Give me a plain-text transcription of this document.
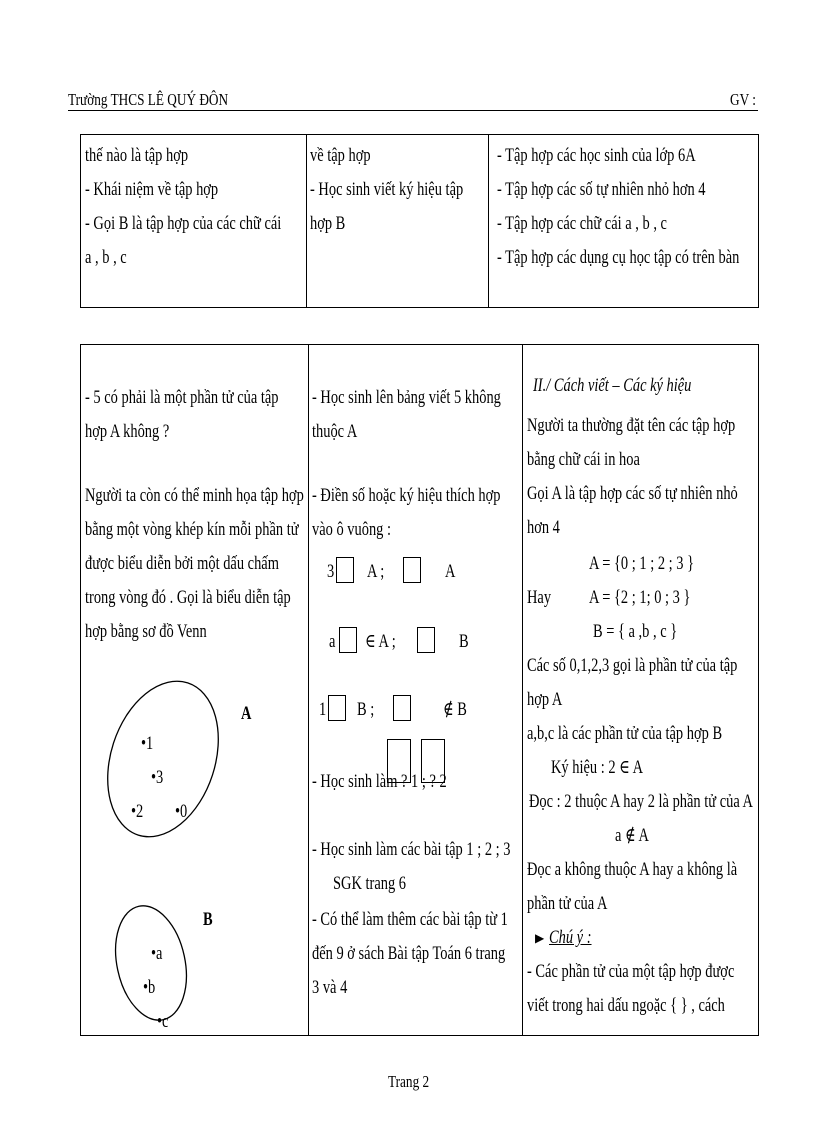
Trường THCS LÊ QUÝ ĐÔN	GV :
thế nào là tập hợp
- Khái niệm về tập hợp
- Gọi B là tập hợp của các chữ cái
a , b , c

về tập hợp
- Học sinh viết ký hiệu tập
hợp B

- Tập hợp các học sinh của lớp 6A
- Tập hợp các số tự nhiên nhỏ hơn 4
- Tập hợp các chữ cái a , b , c
- Tập hợp các dụng cụ học tập có trên bàn
- 5 có phải là một phần tử của tập
hợp A không ?
Người ta còn có thể minh họa tập hợp
bằng một vòng khép kín mỗi phần tử
được biểu diễn bởi một dấu chấm
trong vòng đó . Gọi là biểu diễn tập
hợp bằng sơ đồ Venn
A
•1
•3
•2 •0
B
•a
•b
•c

- Học sinh lên bảng viết 5 không
thuộc A
- Điền số hoặc ký hiệu thích hợp
vào ô vuông :
3 A ;	A
a ∈ A ;	B
1 B ;	∉ B
- Học sinh làm ? 1 ; ? 2
- Học sinh làm các bài tập 1 ; 2 ; 3
SGK trang 6
- Có thể làm thêm các bài tập từ 1
đến 9 ở sách Bài tập Toán 6 trang
3 và 4

II./ Cách viết – Các ký hiệu
Người ta thường đặt tên các tập hợp
bằng chữ cái in hoa
Gọi A là tập hợp các số tự nhiên nhỏ
hơn 4
A = {0 ; 1 ; 2 ; 3 }
Hay A = {2 ; 1; 0 ; 3 }
B = { a ,b , c }
Các số 0,1,2,3 gọi là phần tử của tập
hợp A
a,b,c là các phần tử của tập hợp B
Ký hiệu : 2 ∈ A
Đọc : 2 thuộc A hay 2 là phần tử của A
a ∉ A
Đọc a không thuộc A hay a không là
phần tử của A
▶ Chú ý :
- Các phần tử của một tập hợp được
viết trong hai dấu ngoặc { } , cách
Trang 2
